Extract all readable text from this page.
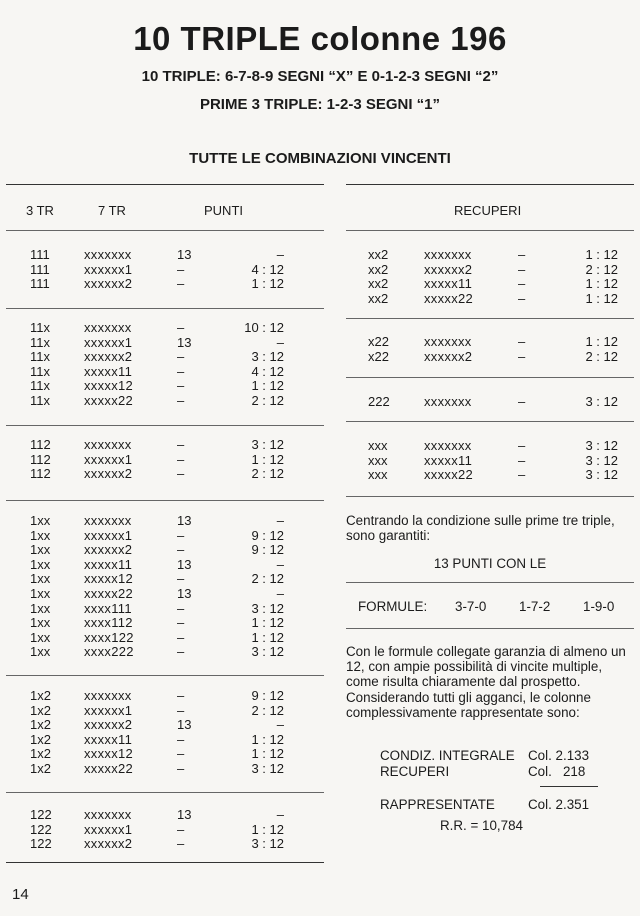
10 TRIPLE colonne 196
10 TRIPLE: 6-7-8-9 SEGNI “X” E 0-1-2-3 SEGNI “2”
PRIME 3 TRIPLE: 1-2-3 SEGNI “1”
TUTTE LE COMBINAZIONI VINCENTI
3 TR	7 TR	PUNTI	RECUPERI
111	xxxxxxx	13	–
111	xxxxxx1	–	4 : 12
111	xxxxxx2	–	1 : 12
11x	xxxxxxx	–	10 : 12
11x	xxxxxx1	13	–
11x	xxxxxx2	–	3 : 12
11x	xxxxx11	–	4 : 12
11x	xxxxx12	–	1 : 12
11x	xxxxx22	–	2 : 12
112	xxxxxxx	–	3 : 12
112	xxxxxx1	–	1 : 12
112	xxxxxx2	–	2 : 12
1xx	xxxxxxx	13	–
1xx	xxxxxx1	–	9 : 12
1xx	xxxxxx2	–	9 : 12
1xx	xxxxx11	13	–
1xx	xxxxx12	–	2 : 12
1xx	xxxxx22	13	–
1xx	xxxx111	–	3 : 12
1xx	xxxx112	–	1 : 12
1xx	xxxx122	–	1 : 12
1xx	xxxx222	–	3 : 12
1x2	xxxxxxx	–	9 : 12
1x2	xxxxxx1	–	2 : 12
1x2	xxxxxx2	13	–
1x2	xxxxx11	–	1 : 12
1x2	xxxxx12	–	1 : 12
1x2	xxxxx22	–	3 : 12
122 xxxxxxx	13	–
122 xxxxxx1	–	1 : 12
122 xxxxxx2	–	3 : 12
xx2	xxxxxxx	–	1 : 12
xx2	xxxxxx2	–	2 : 12
xx2	xxxxx11	–	1 : 12
xx2	xxxxx22	–	1 : 12
x22	xxxxxxx	–	1 : 12
x22	xxxxxx2	–	2 : 12
222	xxxxxxx	–	3 : 12
xxx	xxxxxxx	–	3 : 12
xxx	xxxxx11	–	3 : 12
xxx	xxxxx22	–	3 : 12
Centrando la condizione sulle prime tre triple, sono garantiti:
13 PUNTI CON LE
FORMULE: 3-7-0 1-7-2 1-9-0
Con le formule collegate garanzia di almeno un 12, con ampie possibilità di vincite multiple, come risulta chiaramente dal prospetto. Considerando tutti gli agganci, le colonne complessivamente rappresentate sono:
CONDIZ. INTEGRALE Col. 2.133
RECUPERI	Col.   218
RAPPRESENTATE Col. 2.351
R.R. = 10,784
14
